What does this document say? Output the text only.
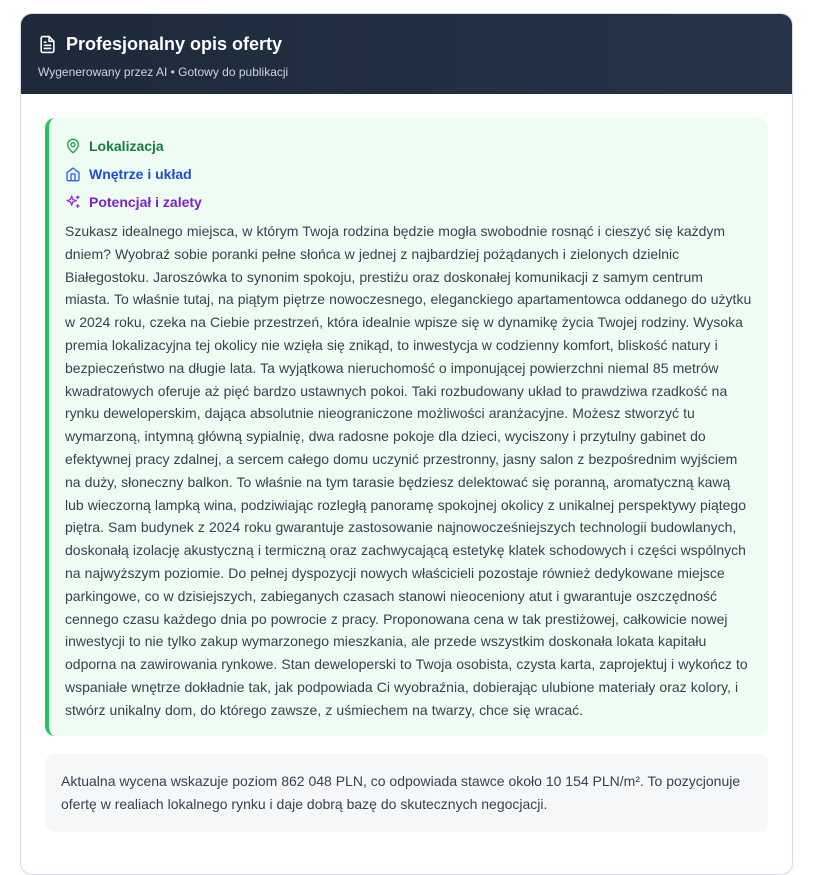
Profesjonalny opis oferty
Wygenerowany przez AI • Gotowy do publikacji
Lokalizacja
Wnętrze i układ
Potencjał i zalety
Szukasz idealnego miejsca, w którym Twoja rodzina będzie mogła swobodnie rosnąć i cieszyć się każdym dniem? Wyobraź sobie poranki pełne słońca w jednej z najbardziej pożądanych i zielonych dzielnic Białegostoku. Jaroszówka to synonim spokoju, prestiżu oraz doskonałej komunikacji z samym centrum miasta. To właśnie tutaj, na piątym piętrze nowoczesnego, eleganckiego apartamentowca oddanego do użytku w 2024 roku, czeka na Ciebie przestrzeń, która idealnie wpisze się w dynamikę życia Twojej rodziny. Wysoka premia lokalizacyjna tej okolicy nie wzięła się znikąd, to inwestycja w codzienny komfort, bliskość natury i bezpieczeństwo na długie lata. Ta wyjątkowa nieruchomość o imponującej powierzchni niemal 85 metrów kwadratowych oferuje aż pięć bardzo ustawnych pokoi. Taki rozbudowany układ to prawdziwa rzadkość na rynku deweloperskim, dająca absolutnie nieograniczone możliwości aranżacyjne. Możesz stworzyć tu wymarzoną, intymną główną sypialnię, dwa radosne pokoje dla dzieci, wyciszony i przytulny gabinet do efektywnej pracy zdalnej, a sercem całego domu uczynić przestronny, jasny salon z bezpośrednim wyjściem na duży, słoneczny balkon. To właśnie na tym tarasie będziesz delektować się poranną, aromatyczną kawą lub wieczorną lampką wina, podziwiając rozległą panoramę spokojnej okolicy z unikalnej perspektywy piątego piętra. Sam budynek z 2024 roku gwarantuje zastosowanie najnowocześniejszych technologii budowlanych, doskonałą izolację akustyczną i termiczną oraz zachwycającą estetykę klatek schodowych i części wspólnych na najwyższym poziomie. Do pełnej dyspozycji nowych właścicieli pozostaje również dedykowane miejsce parkingowe, co w dzisiejszych, zabieganych czasach stanowi nieoceniony atut i gwarantuje oszczędność cennego czasu każdego dnia po powrocie z pracy. Proponowana cena w tak prestiżowej, całkowicie nowej inwestycji to nie tylko zakup wymarzonego mieszkania, ale przede wszystkim doskonała lokata kapitału odporna na zawirowania rynkowe. Stan deweloperski to Twoja osobista, czysta karta, zaprojektuj i wykończ to wspaniałe wnętrze dokładnie tak, jak podpowiada Ci wyobraźnia, dobierając ulubione materiały oraz kolory, i stwórz unikalny dom, do którego zawsze, z uśmiechem na twarzy, chce się wracać.
Aktualna wycena wskazuje poziom 862 048 PLN, co odpowiada stawce około 10 154 PLN/m². To pozycjonuje ofertę w realiach lokalnego rynku i daje dobrą bazę do skutecznych negocjacji.
